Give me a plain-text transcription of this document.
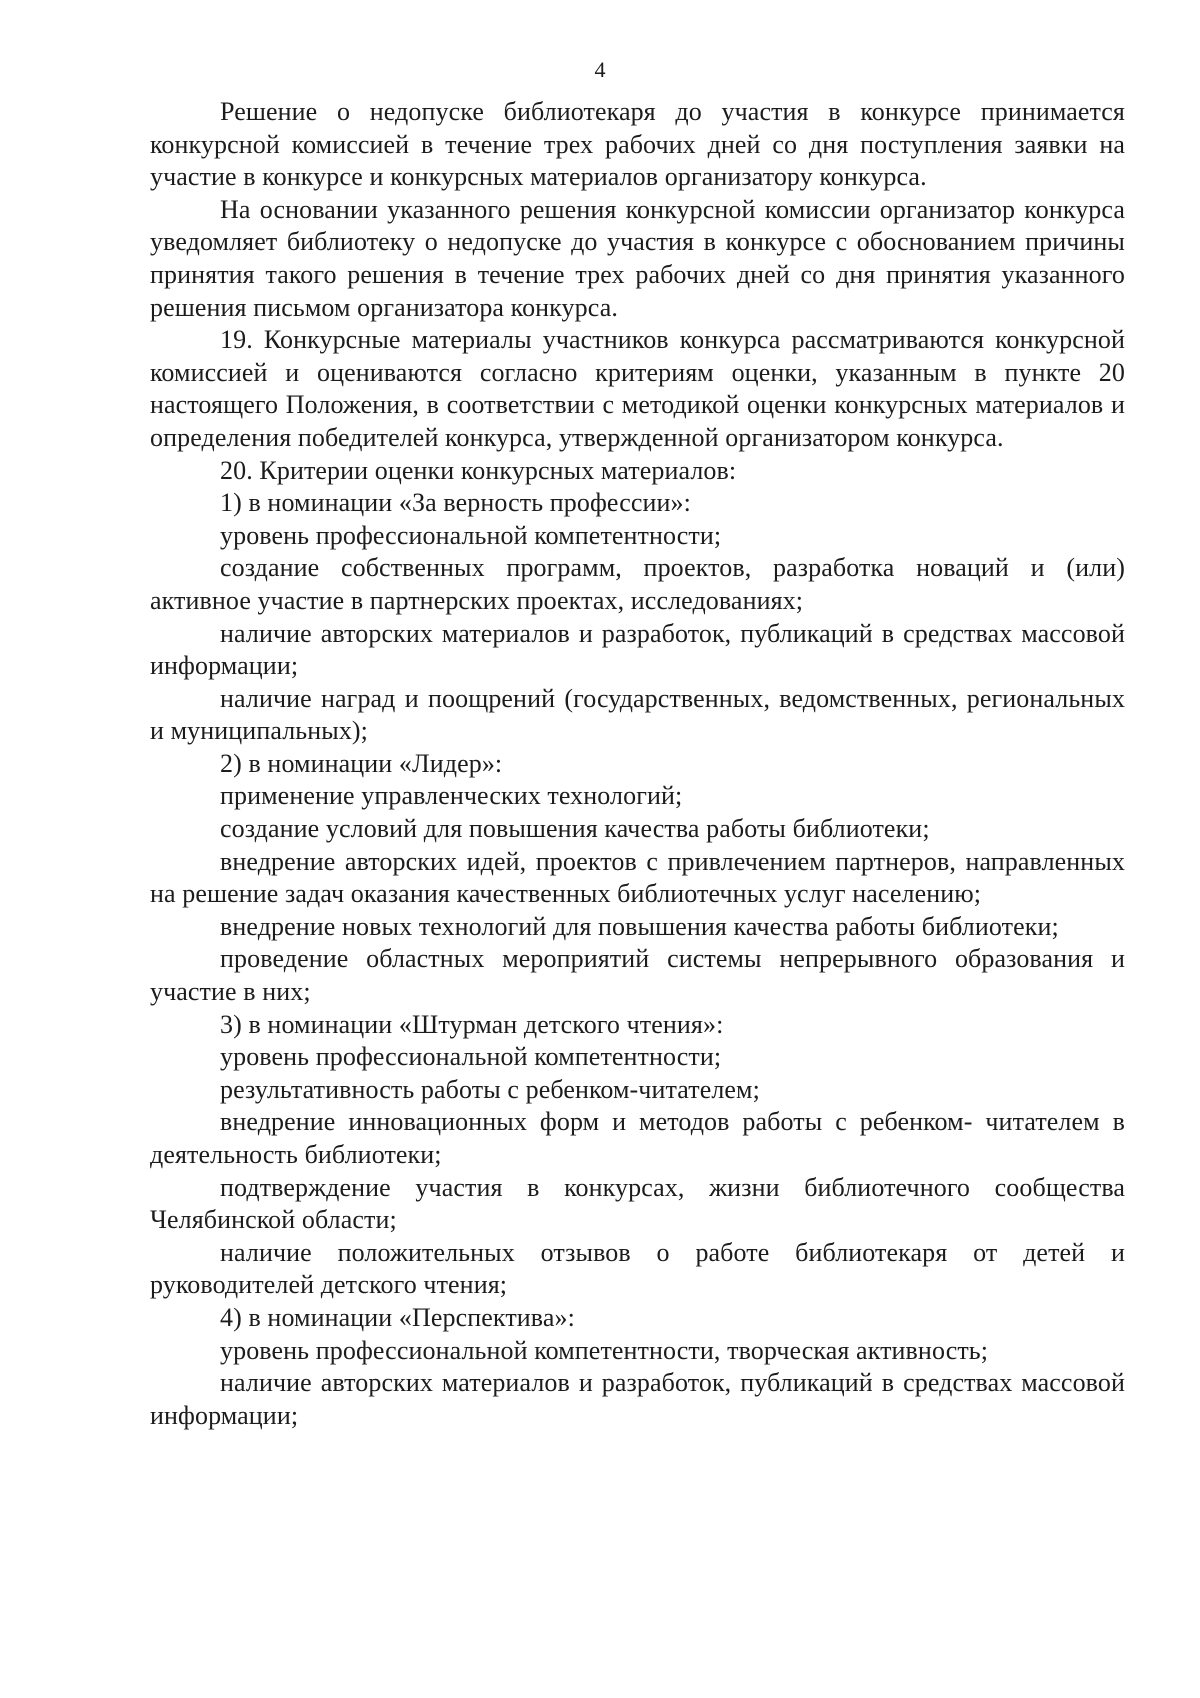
4

Решение о недопуске библиотекаря до участия в конкурсе принимается конкурсной комиссией в течение трех рабочих дней со дня поступления заявки на участие в конкурсе и конкурсных материалов организатору конкурса.

На основании указанного решения конкурсной комиссии организатор конкурса уведомляет библиотеку о недопуске до участия в конкурсе с обоснованием причины принятия такого решения в течение трех рабочих дней со дня принятия указанного решения письмом организатора конкурса.

19. Конкурсные материалы участников конкурса рассматриваются конкурсной комиссией и оцениваются согласно критериям оценки, указанным в пункте 20 настоящего Положения, в соответствии с методикой оценки конкурсных материалов и определения победителей конкурса, утвержденной организатором конкурса.

20. Критерии оценки конкурсных материалов:

1) в номинации «За верность профессии»:

уровень профессиональной компетентности;

создание собственных программ, проектов, разработка новаций и (или) активное участие в партнерских проектах, исследованиях;

наличие авторских материалов и разработок, публикаций в средствах массовой информации;

наличие наград и поощрений (государственных, ведомственных, региональных и муниципальных);

2) в номинации «Лидер»:

применение управленческих технологий;

создание условий для повышения качества работы библиотеки;

внедрение авторских идей, проектов с привлечением партнеров, направленных на решение задач оказания качественных библиотечных услуг населению;

внедрение новых технологий для повышения качества работы библиотеки;

проведение областных мероприятий системы непрерывного образования и участие в них;

3) в номинации «Штурман детского чтения»:

уровень профессиональной компетентности;

результативность работы с ребенком-читателем;

внедрение инновационных форм и методов работы с ребенком- читателем в деятельность библиотеки;

подтверждение участия в конкурсах, жизни библиотечного сообщества Челябинской области;

наличие положительных отзывов о работе библиотекаря от детей и руководителей детского чтения;

4) в номинации «Перспектива»:

уровень профессиональной компетентности, творческая активность;

наличие авторских материалов и разработок, публикаций в средствах массовой информации;
